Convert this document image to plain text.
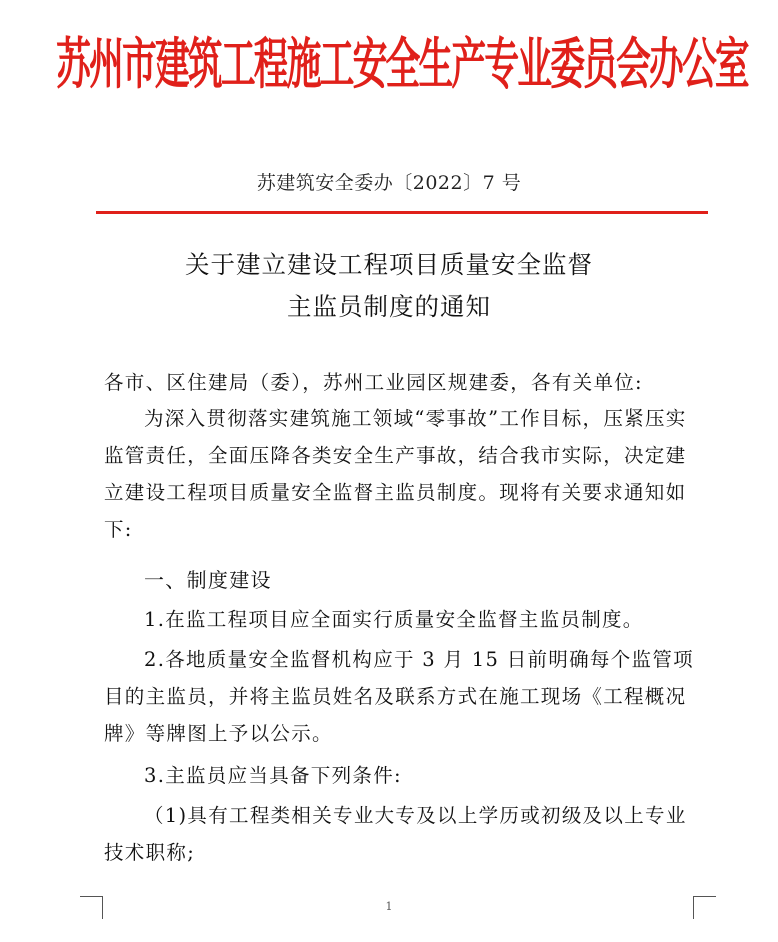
苏州市建筑工程施工安全生产专业委员会办公室
苏建筑安全委办〔2022〕7 号
关于建立建设工程项目质量安全监督
主监员制度的通知

各市、区住建局（委），苏州工业园区规建委，各有关单位:

为深入贯彻落实建筑施工领域“零事故”工作目标，压紧压实监管责任，全面压降各类安全生产事故，结合我市实际，决定建立建设工程项目质量安全监督主监员制度。现将有关要求通知如下:

一、制度建设

1.在监工程项目应全面实行质量安全监督主监员制度。

2.各地质量安全监督机构应于 3 月 15 日前明确每个监管项目的主监员，并将主监员姓名及联系方式在施工现场《工程概况牌》等牌图上予以公示。

3.主监员应当具备下列条件:

（1)具有工程类相关专业大专及以上学历或初级及以上专业技术职称;

1
